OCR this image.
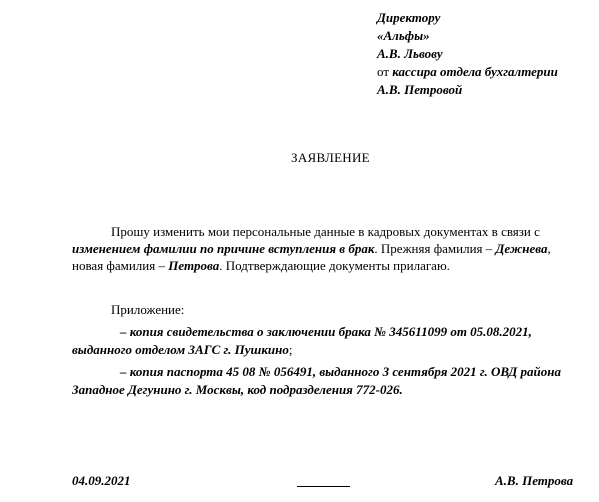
Директору
«Альфы»
А.В. Львову
от кассира отдела бухгалтерии
А.В. Петровой
ЗАЯВЛЕНИЕ
Прошу изменить мои персональные данные в кадровых документах в связи с
изменением фамилии по причине вступления в брак. Прежняя фамилия – Дежнева,
новая фамилия – Петрова. Подтверждающие документы прилагаю.
Приложение:
– копия свидетельства о заключении брака № 345611099 от 05.08.2021,
выданного отделом ЗАГС г. Пушкино;
– копия паспорта 45 08 № 056491, выданного 3 сентября 2021 г. ОВД района
Западное Дегунино г. Москвы, код подразделения 772-026.
04.09.2021	А.В. Петрова
